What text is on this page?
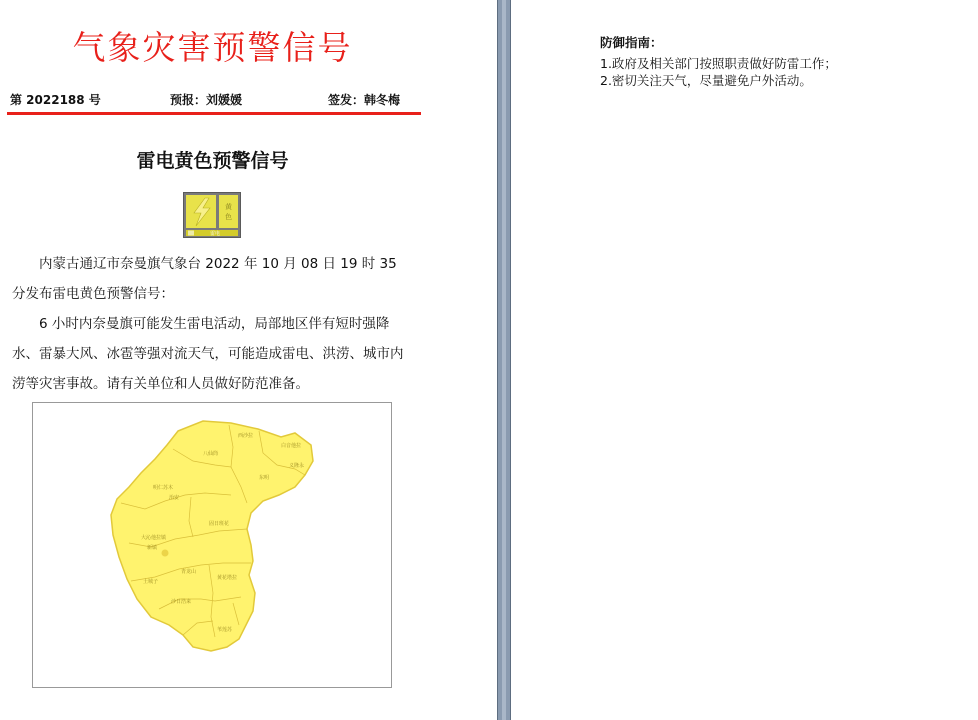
气象灾害预警信号
第 2022188 号	预报：刘媛媛	签发：韩冬梅
雷电黄色预警信号
黄
色
雷电

内蒙古通辽市奈曼旗气象台 2022 年 10 月 08 日 19 时 35 分发布雷电黄色预警信号：

6 小时内奈曼旗可能发生雷电活动，局部地区伴有短时强降水、雷暴大风、冰雹等强对流天气，可能造成雷电、洪涝、城市内涝等灾害事故。请有关单位和人员做好防范准备。

西沙拉
白音他拉
八仙筒
义隆永
明仁苏木
东明
治安
固日班花
大沁他拉镇
新镇
青龙山
土城子
黄花塔拉
沙日浩来
苇莲苏
防御指南：
1.政府及相关部门按照职责做好防雷工作；
2.密切关注天气，尽量避免户外活动。
